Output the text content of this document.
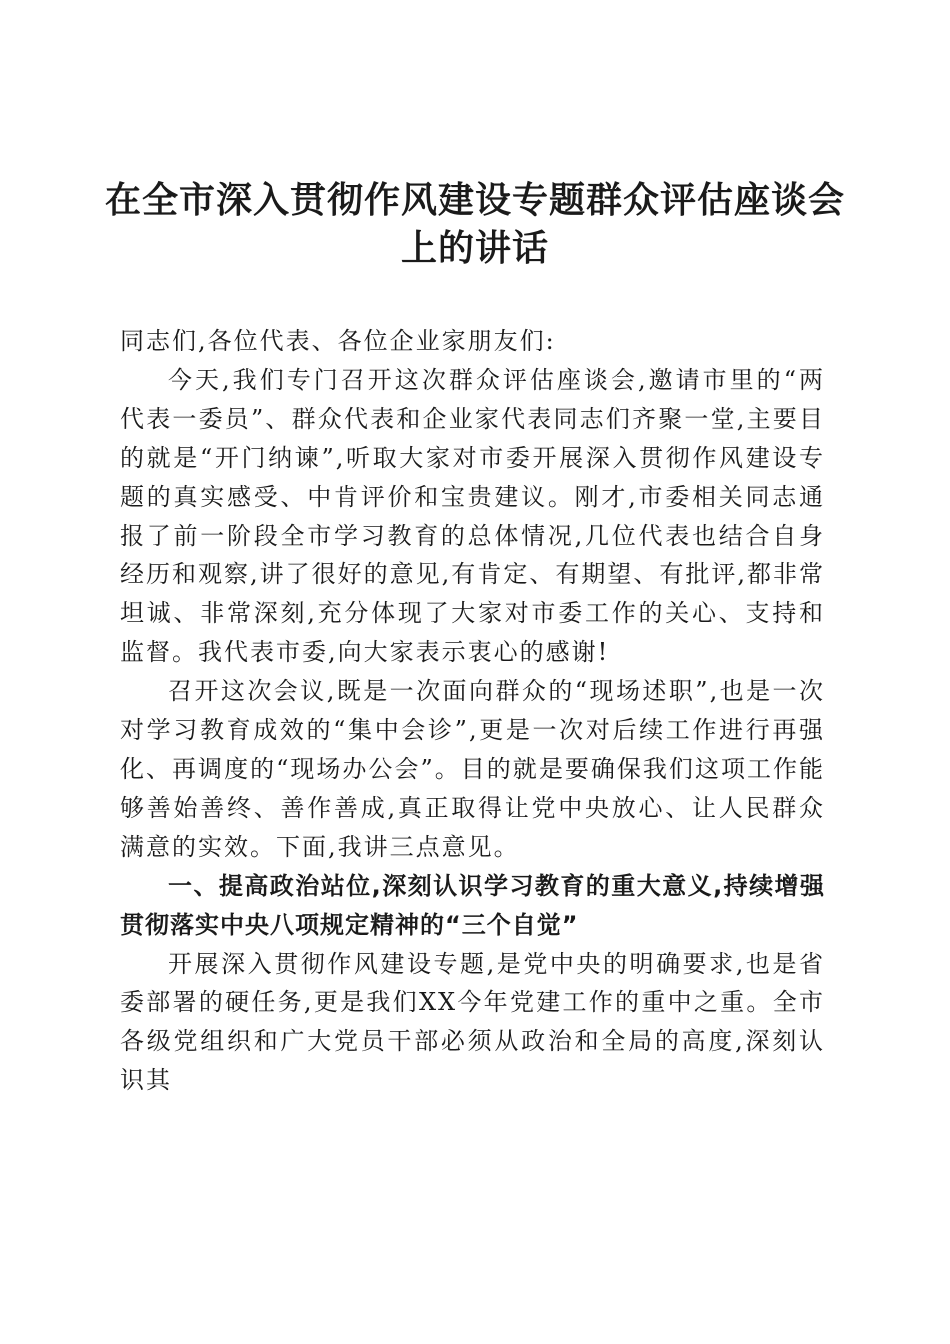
在全市深入贯彻作风建设专题群众评估座谈会上的讲话

同志们,各位代表、各位企业家朋友们:

今天,我们专门召开这次群众评估座谈会,邀请市里的“两代表一委员”、群众代表和企业家代表同志们齐聚一堂,主要目的就是“开门纳谏”,听取大家对市委开展深入贯彻作风建设专题的真实感受、中肯评价和宝贵建议。刚才,市委相关同志通报了前一阶段全市学习教育的总体情况,几位代表也结合自身经历和观察,讲了很好的意见,有肯定、有期望、有批评,都非常坦诚、非常深刻,充分体现了大家对市委工作的关心、支持和监督。我代表市委,向大家表示衷心的感谢!

召开这次会议,既是一次面向群众的“现场述职”,也是一次对学习教育成效的“集中会诊”,更是一次对后续工作进行再强化、再调度的“现场办公会”。目的就是要确保我们这项工作能够善始善终、善作善成,真正取得让党中央放心、让人民群众满意的实效。下面,我讲三点意见。

一、提高政治站位,深刻认识学习教育的重大意义,持续增强贯彻落实中央八项规定精神的“三个自觉”

开展深入贯彻作风建设专题,是党中央的明确要求,也是省委部署的硬任务,更是我们XX今年党建工作的重中之重。全市各级党组织和广大党员干部必须从政治和全局的高度,深刻认识其
